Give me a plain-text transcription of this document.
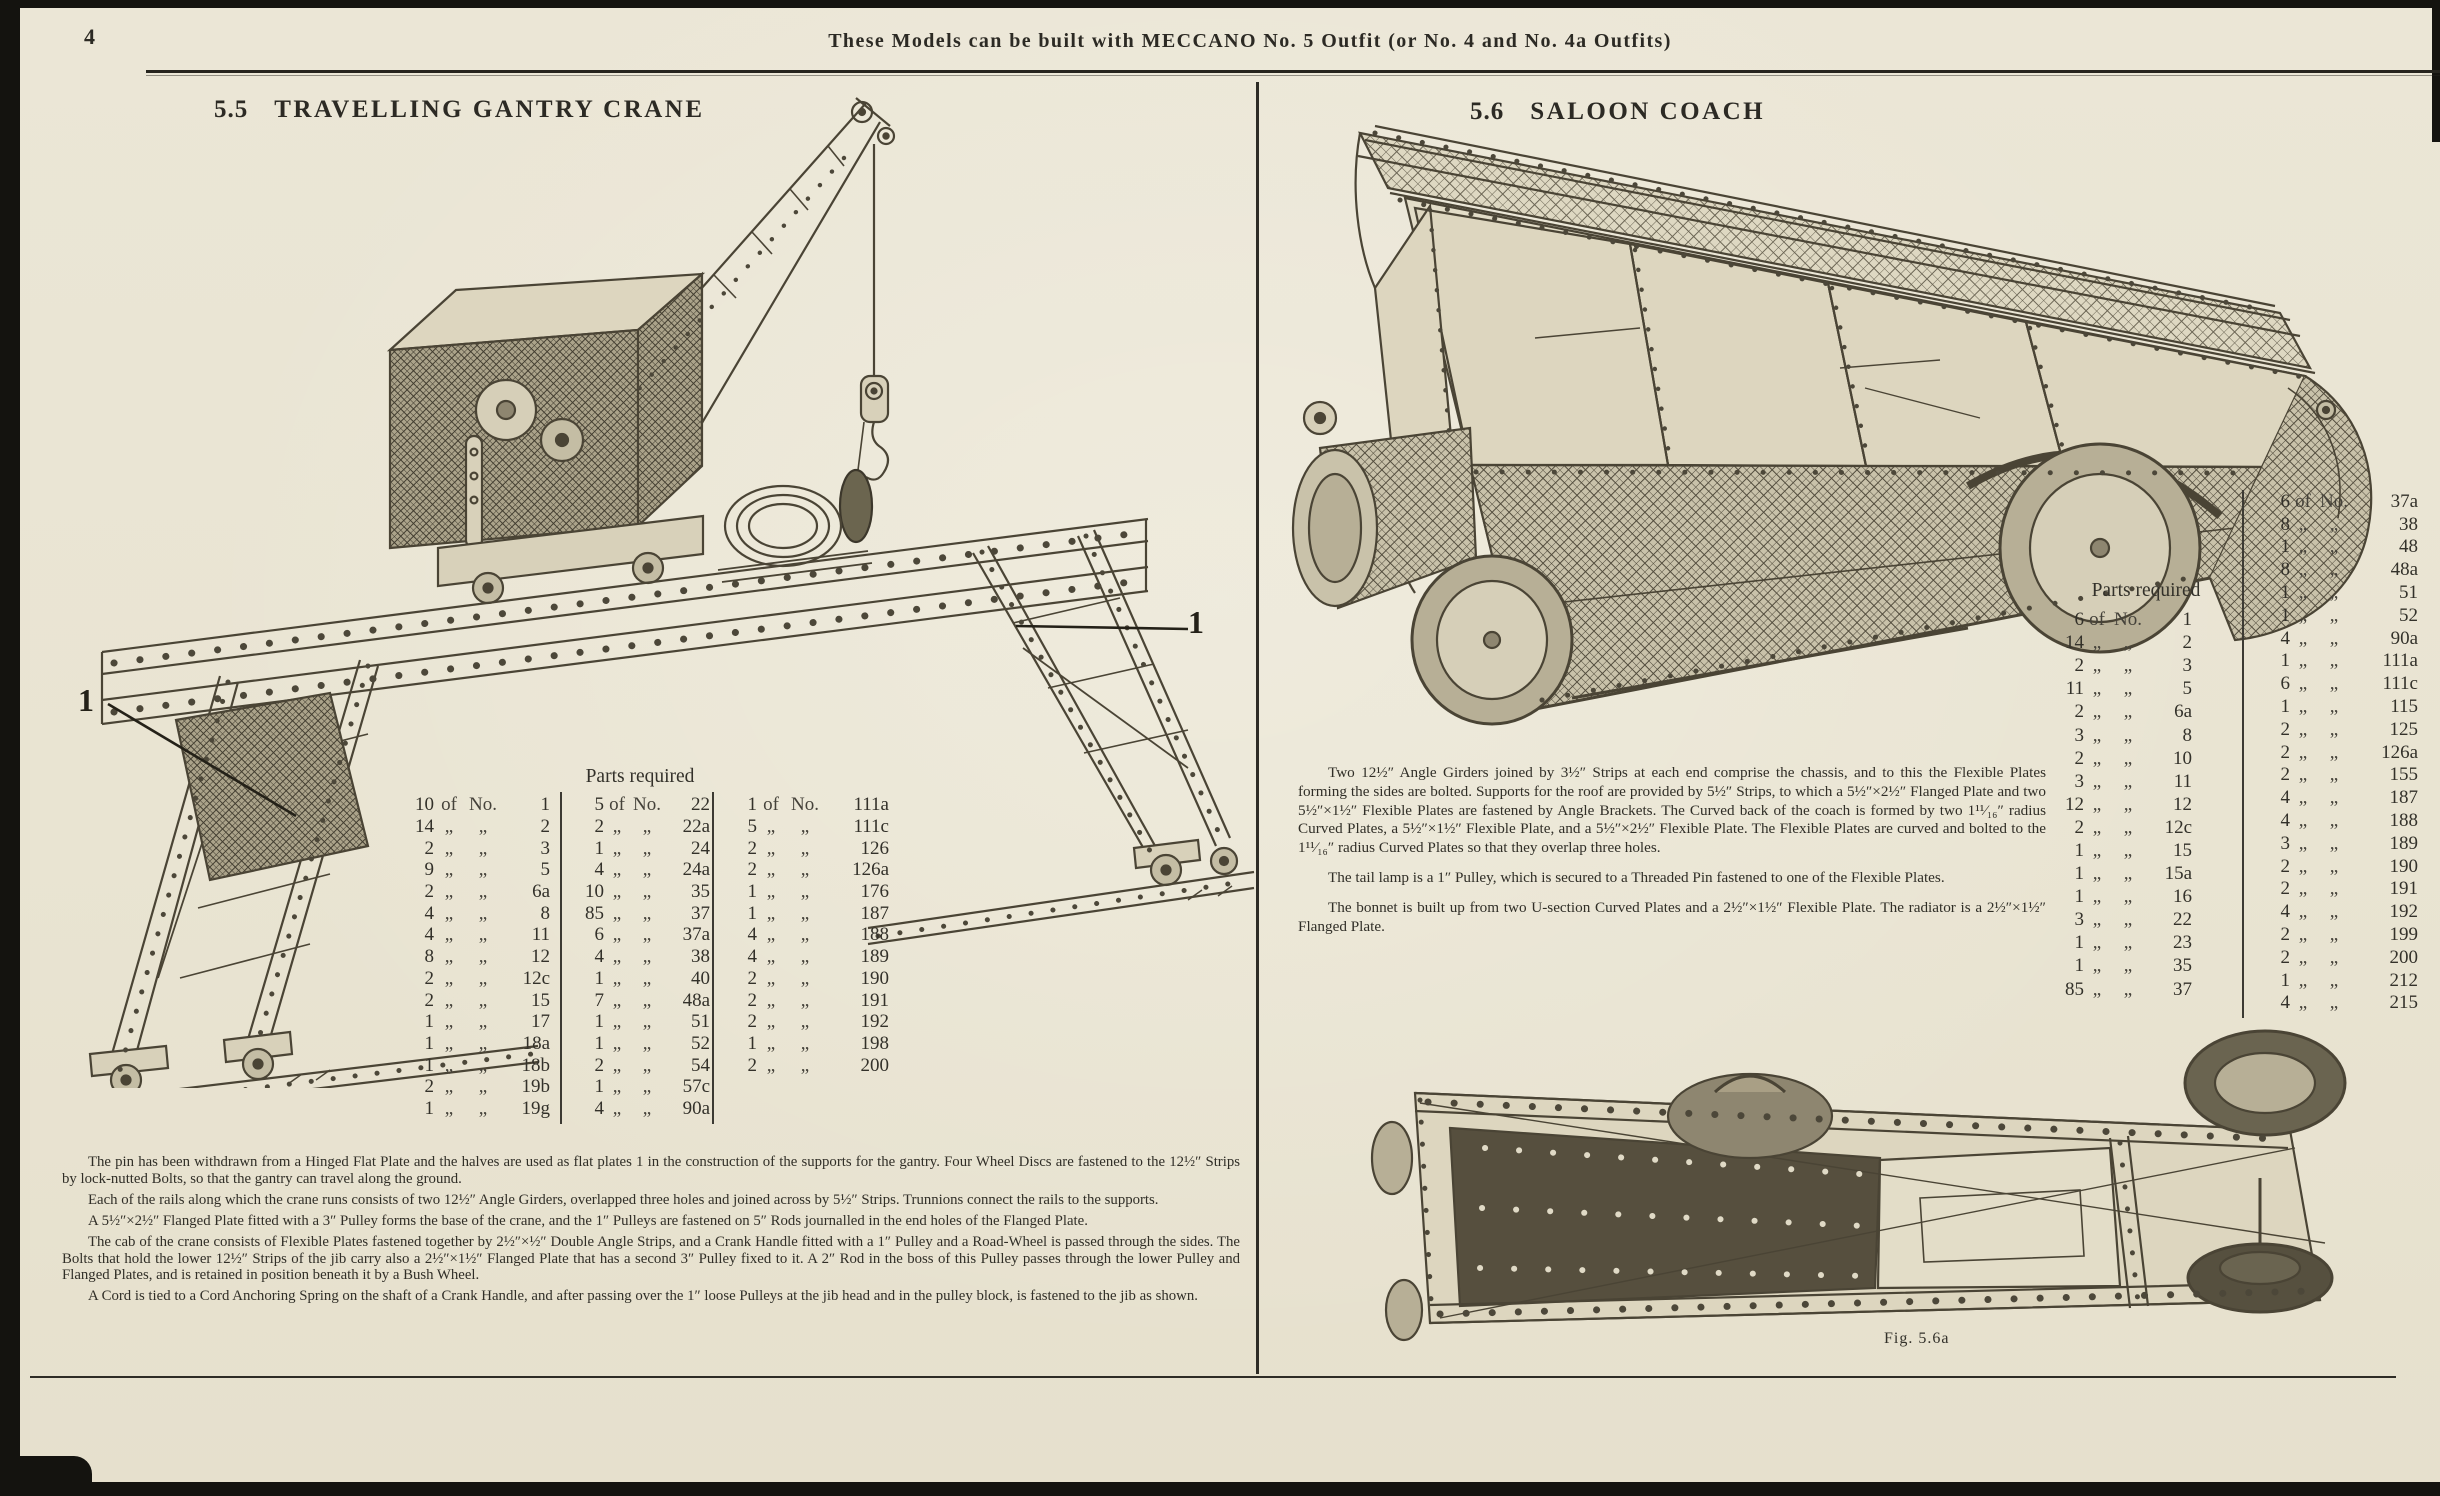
4	These Models can be built with MECCANO No. 5 Outfit (or No. 4 and No. 4a Outfits)
5.5 TRAVELLING GANTRY CRANE
1
1
Parts required
10 of No.	1
14 „	„	2
2 „	„	3
9 „	„	5
2 „	„	6a
4 „	„	8
4 „	„	11
8 „	„	12
2 „	„	12c
2 „	„	15
1 „	„	17
1 „	„	18a
1 „	„	18b
2 „	„	19b
1 „	„	19g
5 of No.	22
2 „	„	22a
1 „	„	24
4 „	„	24a
10 „	„	35
85 „	„	37
6 „	„	37a
4 „	„	38
1 „	„	40
7 „	„	48a
1 „	„	51
1 „	„	52
2 „	„	54
1 „	„	57c
4 „	„	90a
1 of No.	111a
5 „	„	111c
2 „	„	126
2 „	„	126a
1 „	„	176
1 „	„	187
4 „	„	188
4 „	„	189
2 „	„	190
2 „	„	191
2 „	„	192
1 „	„	198
2 „	„	200

The pin has been withdrawn from a Hinged Flat Plate and the halves are used as flat plates 1 in the construction of the supports for the gantry. Four Wheel Discs are fastened to the 12½″ Strips by lock-nutted Bolts, so that the gantry can travel along the ground.

Each of the rails along which the crane runs consists of two 12½″ Angle Girders, overlapped three holes and joined across by 5½″ Strips. Trunnions connect the rails to the supports.

A 5½″×2½″ Flanged Plate fitted with a 3″ Pulley forms the base of the crane, and the 1″ Pulleys are fastened on 5″ Rods journalled in the end holes of the Flanged Plate.

The cab of the crane consists of Flexible Plates fastened together by 2½″×½″ Double Angle Strips, and a Crank Handle fitted with a 1″ Pulley and a Road-Wheel is passed through the sides. The Bolts that hold the lower 12½″ Strips of the jib carry also a 2½″×1½″ Flanged Plate that has a second 3″ Pulley fixed to it. A 2″ Rod in the boss of this Pulley passes through the lower Pulley and Flanged Plates, and is retained in position beneath it by a Bush Wheel.

A Cord is tied to a Cord Anchoring Spring on the shaft of a Crank Handle, and after passing over the 1″ loose Pulleys at the jib head and in the pulley block, is fastened to the jib as shown.

5.6 SALOON COACH

Two 12½″ Angle Girders joined by 3½″ Strips at each end comprise the chassis, and to this the Flexible Plates forming the sides are bolted. Supports for the roof are provided by 5½″ Strips, to which a 5½″×2½″ Flanged Plate and two 5½″×1½″ Flexible Plates are fastened by Angle Brackets. The Curved back of the coach is formed by two 1¹¹⁄₁₆″ radius Curved Plates, a 5½″×1½″ Flexible Plate, and a 5½″×2½″ Flexible Plate. The Flexible Plates are curved and bolted to the 1¹¹⁄₁₆″ radius Curved Plates so that they overlap three holes.

The tail lamp is a 1″ Pulley, which is secured to a Threaded Pin fastened to one of the Flexible Plates.

The bonnet is built up from two U-section Curved Plates and a 2½″×1½″ Flexible Plate. The radiator is a 2½″×1½″ Flanged Plate.

Parts required
6 of No.	1
14 „	„	2
2 „	„	3
11 „	„	5
2 „	„	6a
3 „	„	8
2 „	„	10
3 „	„	11
12 „	„	12
2 „	„	12c
1 „	„	15
1 „	„	15a
1 „	„	16
3 „	„	22
1 „	„	23
1 „	„	35
85 „	„	37
6 of No.	37a
8 „	„	38
1 „	„	48
8 „	„	48a
1 „	„	51
1 „	„	52
4 „	„	90a
1 „	„	111a
6 „	„	111c
1 „	„	115
2 „	„	125
2 „	„	126a
2 „	„	155
4 „	„	187
4 „	„	188
3 „	„	189
2 „	„	190
2 „	„	191
4 „	„	192
2 „	„	199
2 „	„	200
1 „	„	212
4 „	„	215
Fig. 5.6a
